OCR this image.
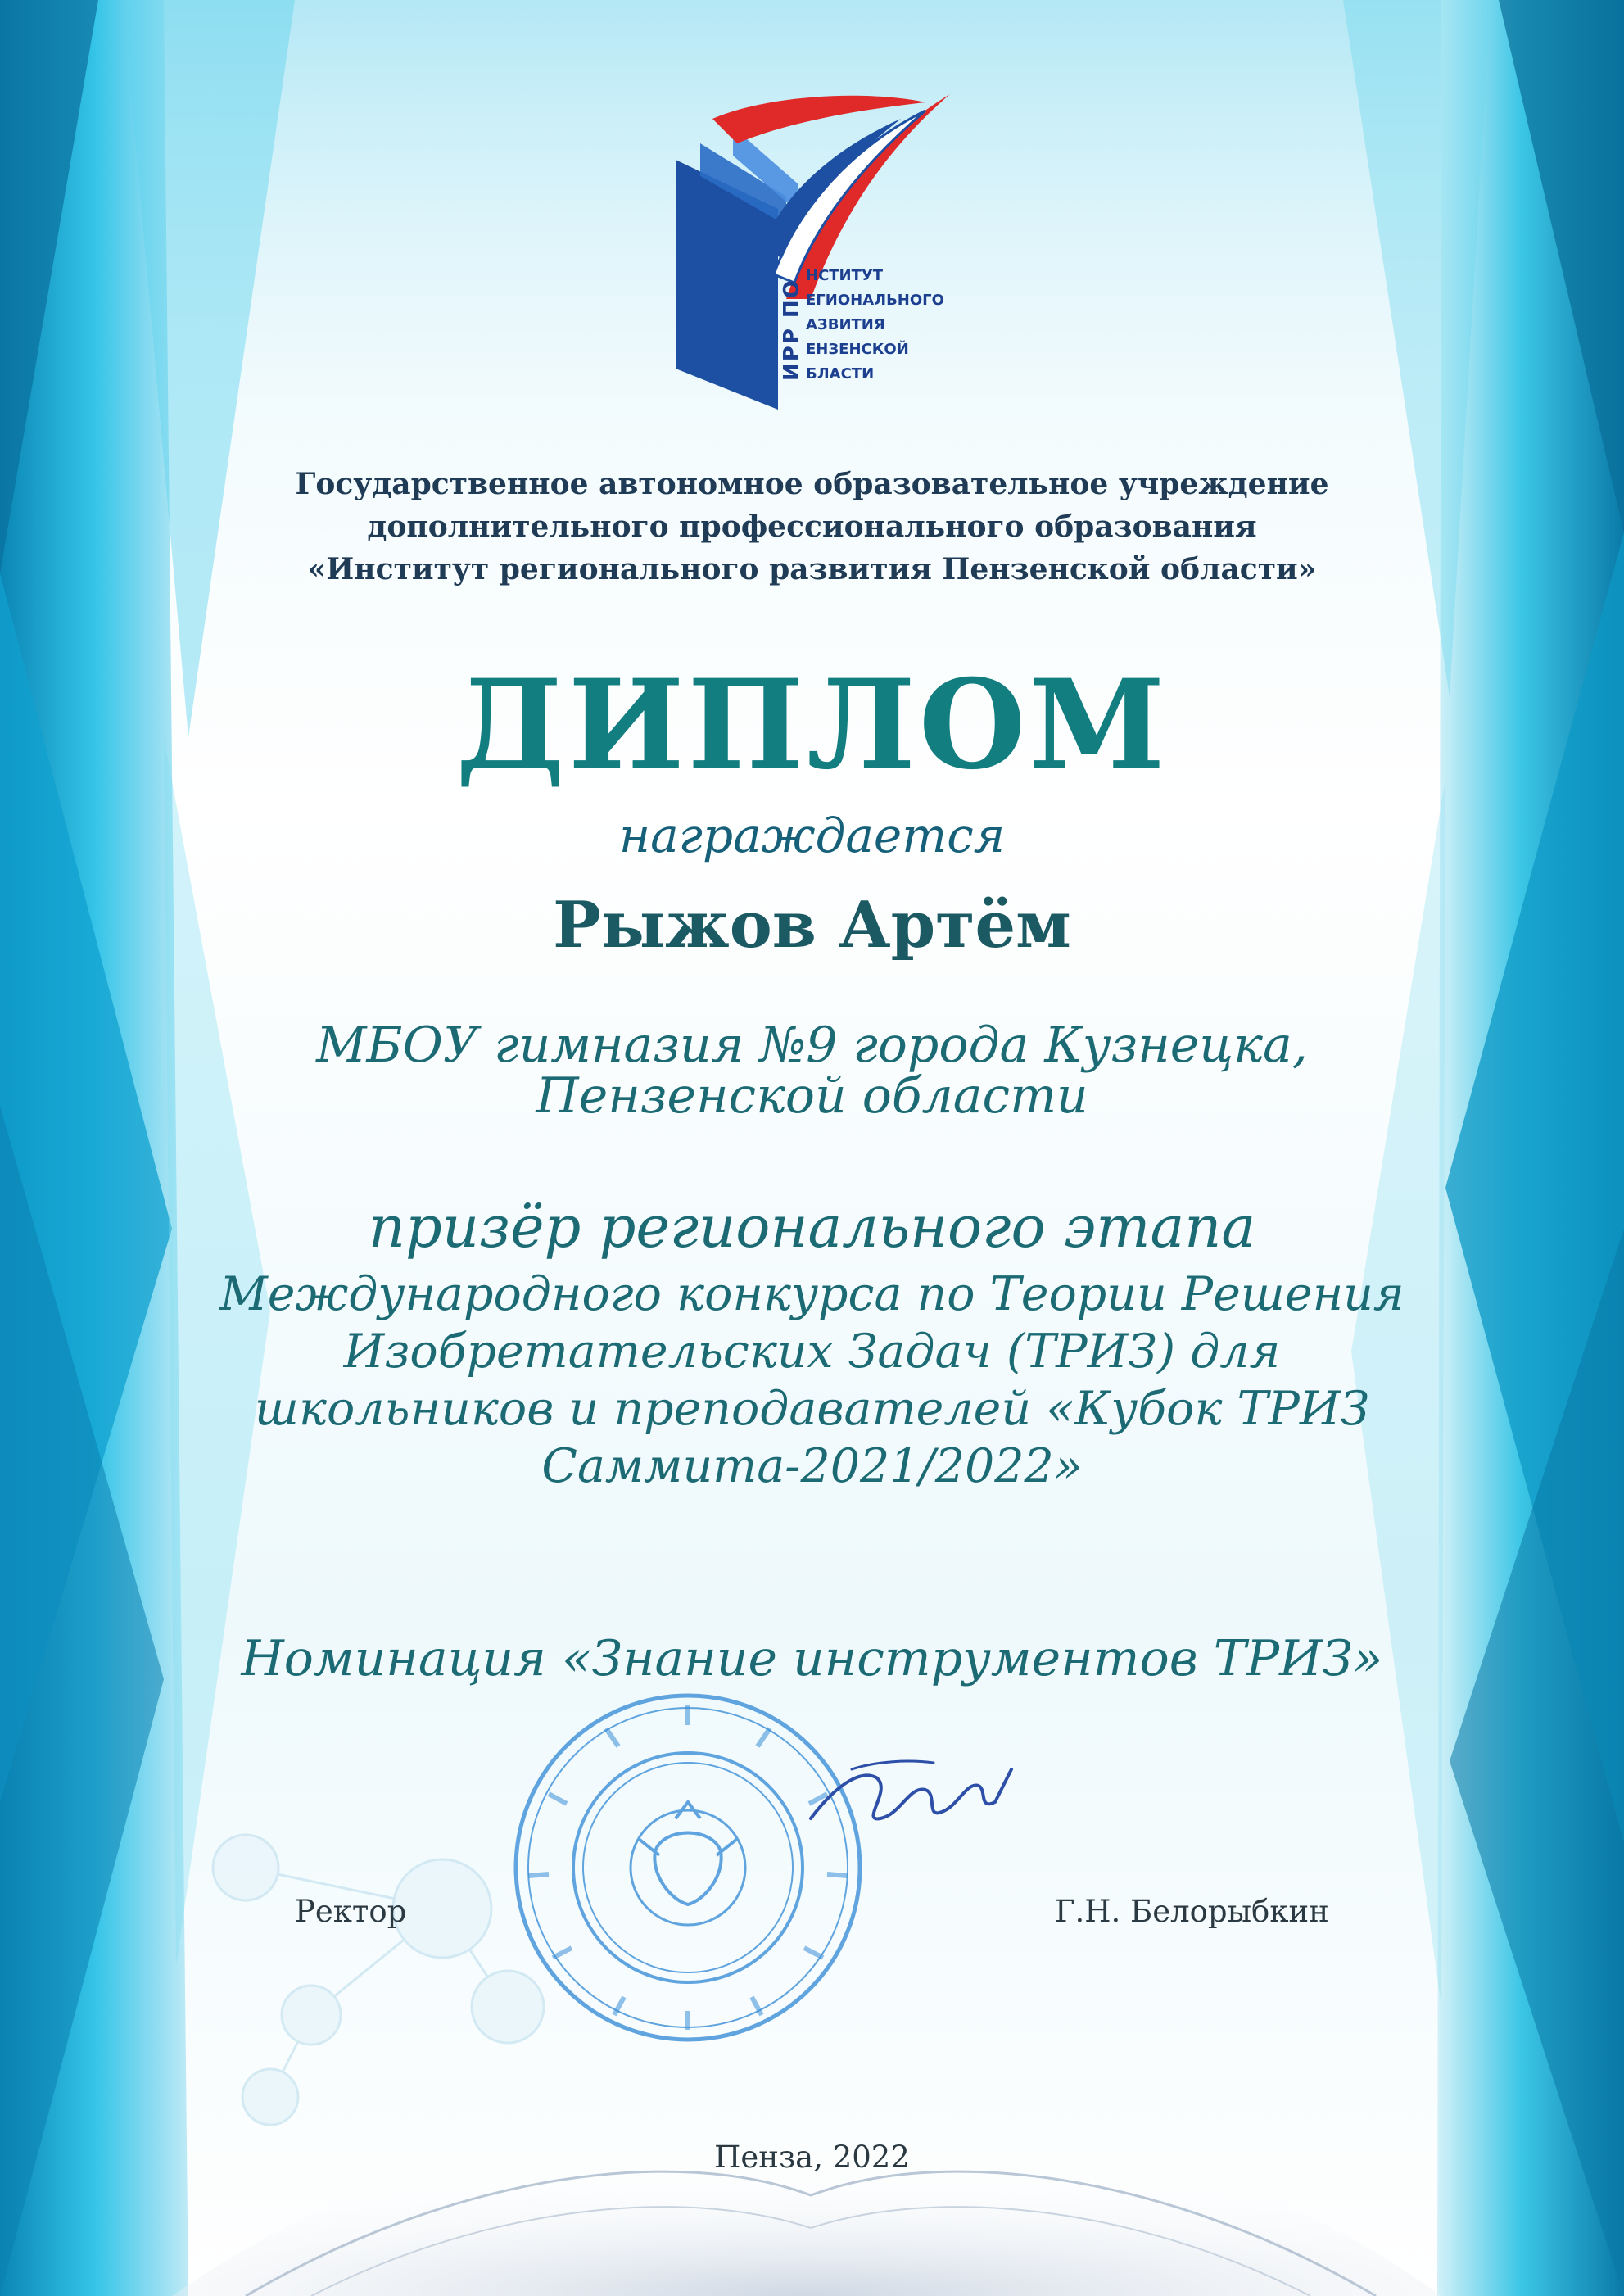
ИРР ПО
НСТИТУТ
ЕГИОНАЛЬНОГО
АЗВИТИЯ
ЕНЗЕНСКОЙ
БЛАСТИ
Государственное автономное образовательное учреждение
дополнительного профессионального образования
«Институт регионального развития Пензенской области»
ДИПЛОМ
награждается
Рыжов Артём
МБОУ гимназия №9 города Кузнецка,
Пензенской области
призёр регионального этапа
Международного конкурса по Теории Решения
Изобретательских Задач (ТРИЗ) для
школьников и преподавателей «Кубок ТРИЗ
Саммита-2021/2022»
Номинация «Знание инструментов ТРИЗ»
Ректор	Г.Н. Белорыбкин
Пенза, 2022
